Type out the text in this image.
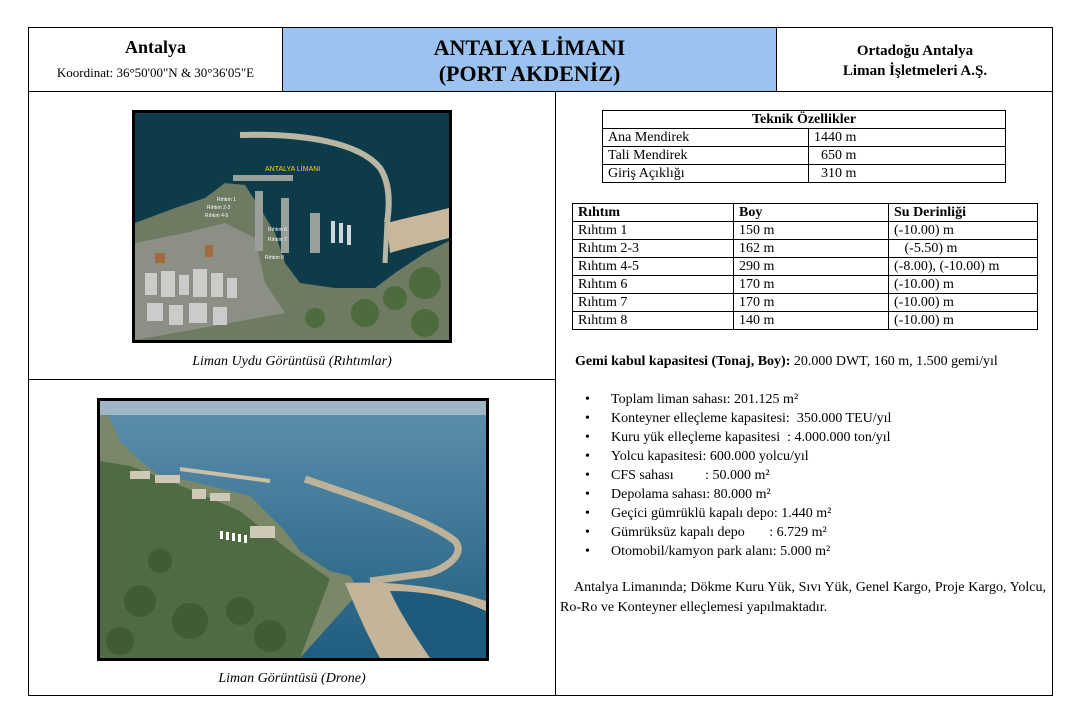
Antalya
Koordinat: 36°50'00"N & 30°36'05"E
ANTALYA LİMANI
(PORT AKDENİZ)
Ortadoğu Antalya
Liman İşletmeleri A.Ş.
ANTALYA LİMANI
Rıhtım 1
Rıhtım 2-3
Rıhtım 4-5
Rıhtım 6
Rıhtım 7
Rıhtım 8
Liman Uydu Görüntüsü (Rıhtımlar)
Liman Görüntüsü (Drone)
Teknik Özellikler	
Ana Mendirek	1440 m
Tali Mendirek	650 m
Giriş Açıklığı	310 m
Rıhtım	Boy	Su Derinliği
Rıhtım 1	150 m	(-10.00) m
Rıhtım 2-3	162 m	(-5.50) m
Rıhtım 4-5	290 m	(-8.00), (-10.00) m
Rıhtım 6	170 m	(-10.00) m
Rıhtım 7	170 m	(-10.00) m
Rıhtım 8	140 m	(-10.00) m
Gemi kabul kapasitesi (Tonaj, Boy): 20.000 DWT, 160 m, 1.500 gemi/yıl
• Toplam liman sahası: 201.125 m²
• Konteyner elleçleme kapasitesi:  350.000 TEU/yıl
• Kuru yük elleçleme kapasitesi  : 4.000.000 ton/yıl
• Yolcu kapasitesi: 600.000 yolcu/yıl
• CFS sahası         : 50.000 m²
• Depolama sahası: 80.000 m²
• Geçici gümrüklü kapalı depo: 1.440 m²
• Gümrüksüz kapalı depo       : 6.729 m²
• Otomobil/kamyon park alanı: 5.000 m²
Antalya Limanında; Dökme Kuru Yük, Sıvı Yük, Genel Kargo, Proje Kargo, Yolcu, Ro-Ro ve Konteyner elleçlemesi yapılmaktadır.
